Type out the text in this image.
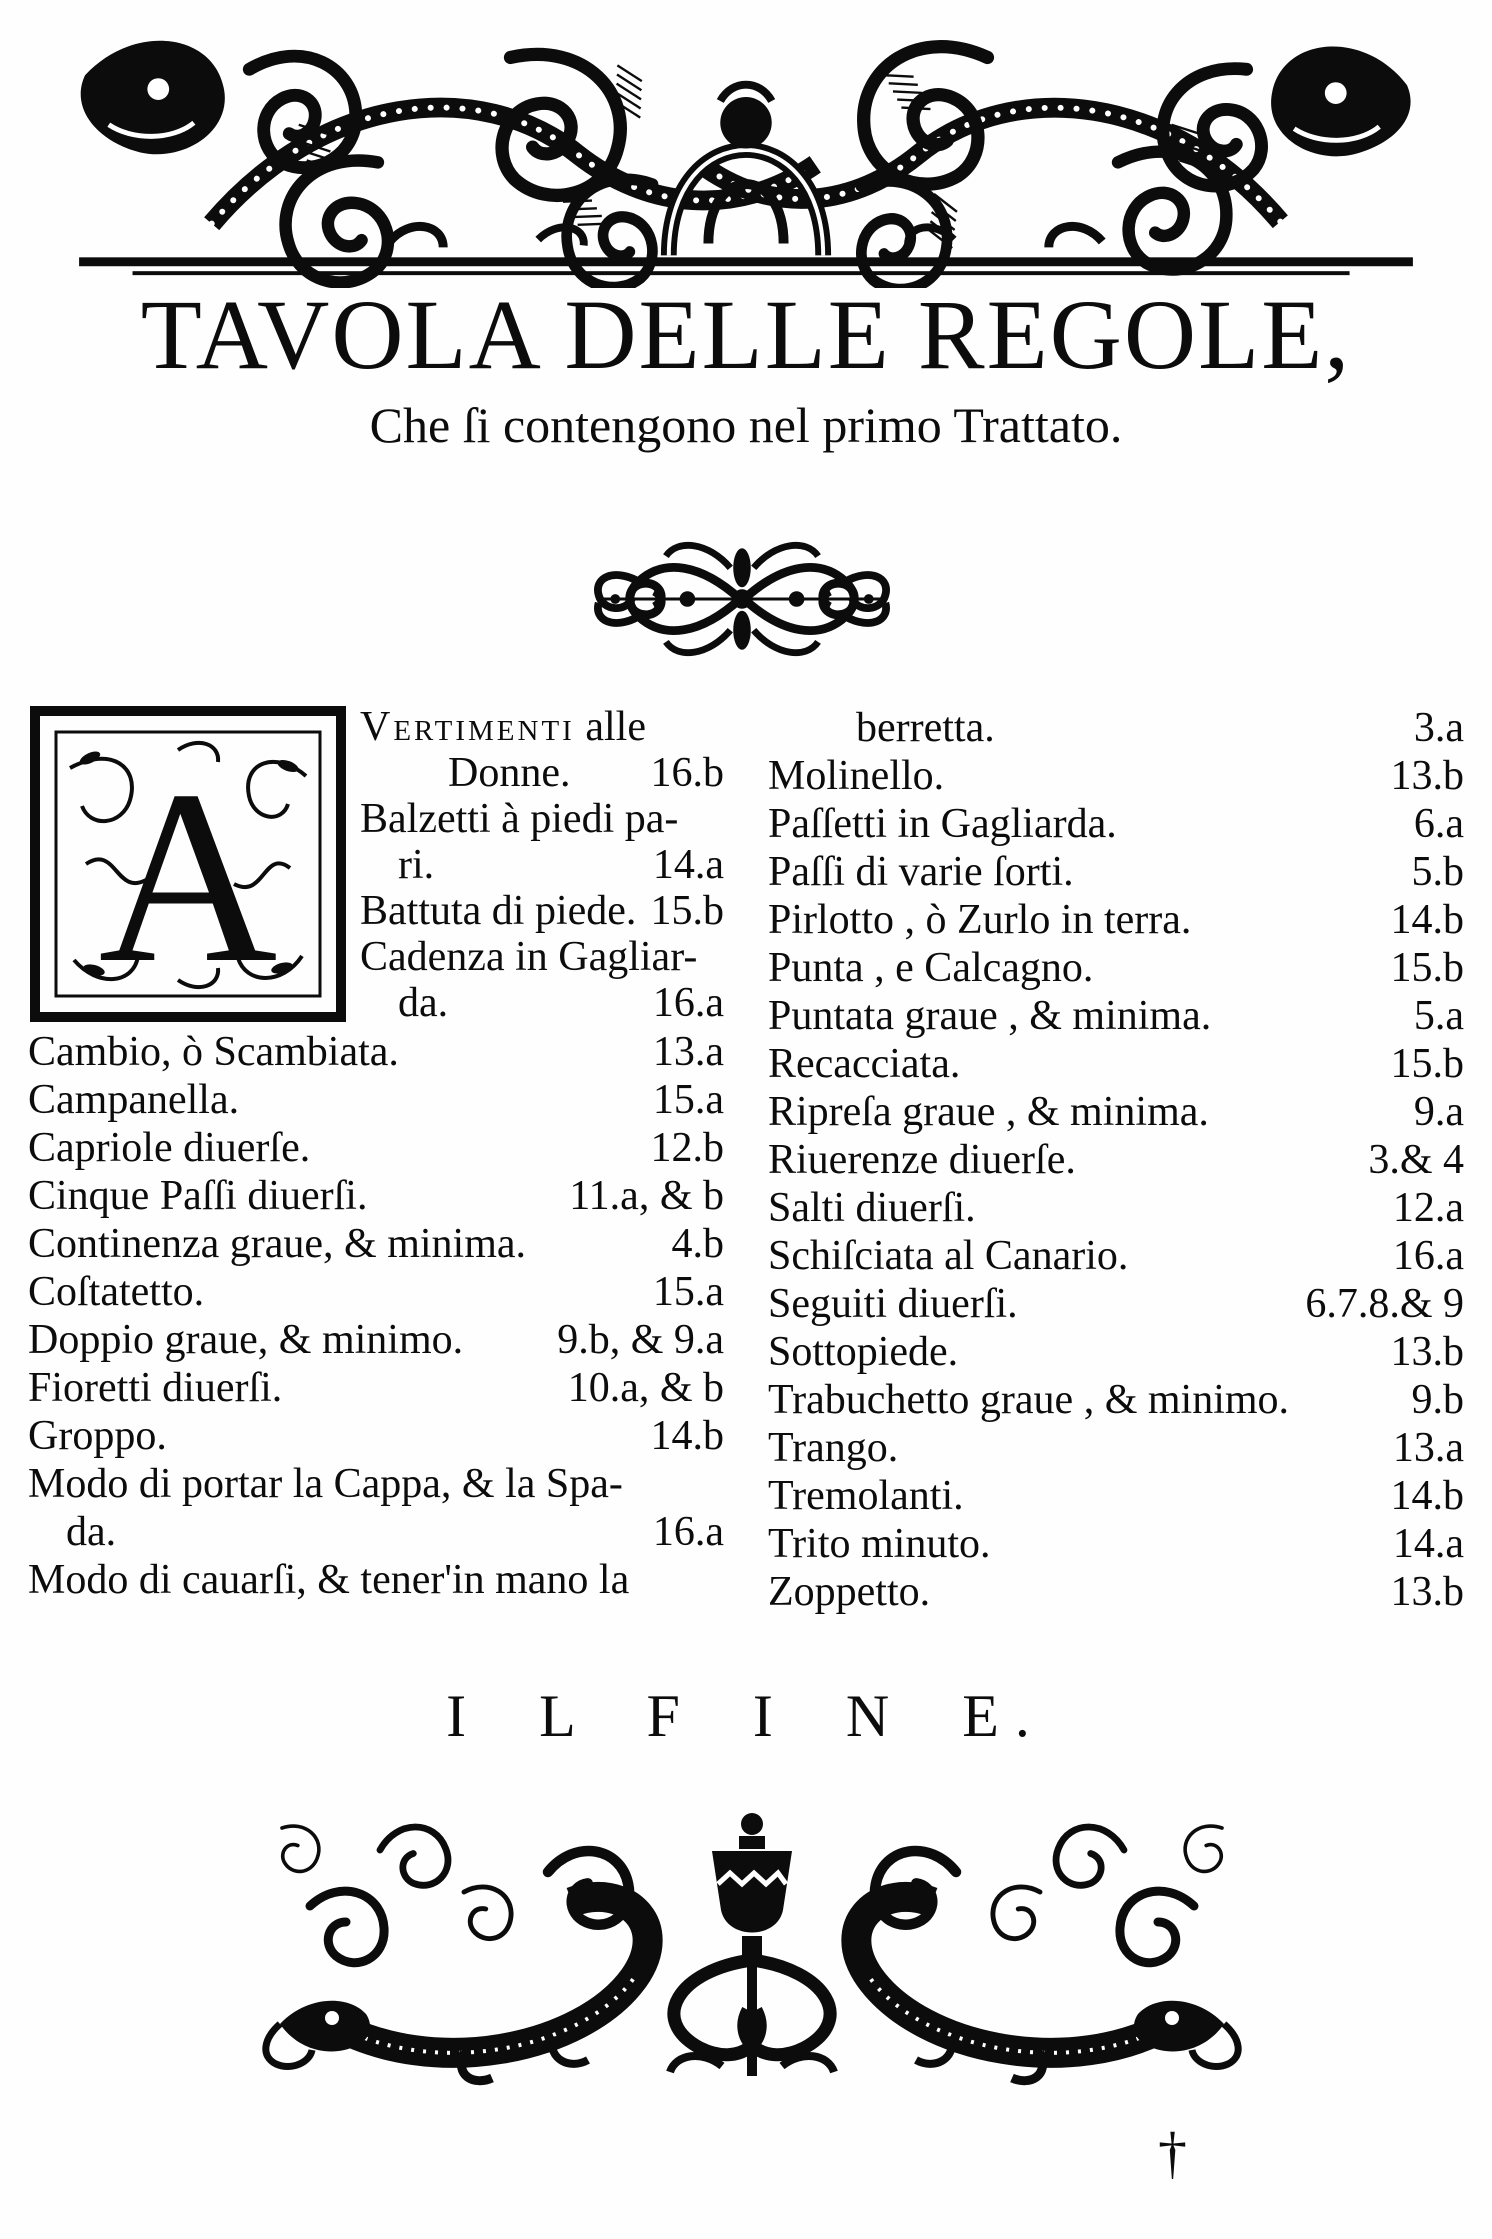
TAVOLA DELLE REGOLE,
Che ſi contengono nel primo Trattato.
A
Vertimenti alle
Donne. 16.b
Balzetti à piedi pa-
ri.	14.a
Battuta di piede. 15.b
Cadenza in Gagliar-
da.	16.a
Cambio, ò Scambiata.	13.a
Campanella.	15.a
Capriole diuerſe.	12.b
Cinque Paſſi diuerſi.	11.a, & b
Continenza graue, & minima.	4.b
Coſtatetto.	15.a
Doppio graue, & minimo. 9.b, & 9.a
Fioretti diuerſi.	10.a, & b
Groppo.	14.b
Modo di portar la Cappa, & la Spa-
da.	16.a
Modo di cauarſi, & tener'in mano la
berretta.	3.a
Molinello.	13.b
Paſſetti in Gagliarda.	6.a
Paſſi di varie ſorti.	5.b
Pirlotto , ò Zurlo in terra.	14.b
Punta , e Calcagno.	15.b
Puntata graue , & minima.	5.a
Recacciata.	15.b
Ripreſa graue , & minima.	9.a
Riuerenze diuerſe.	3.& 4
Salti diuerſi.	12.a
Schiſciata al Canario.	16.a
Seguiti diuerſi.	6.7.8.& 9
Sottopiede.	13.b
Trabuchetto graue , & minimo.	9.b
Trango.	13.a
Tremolanti.	14.b
Trito minuto.	14.a
Zoppetto.	13.b

I L F I N E.

†
